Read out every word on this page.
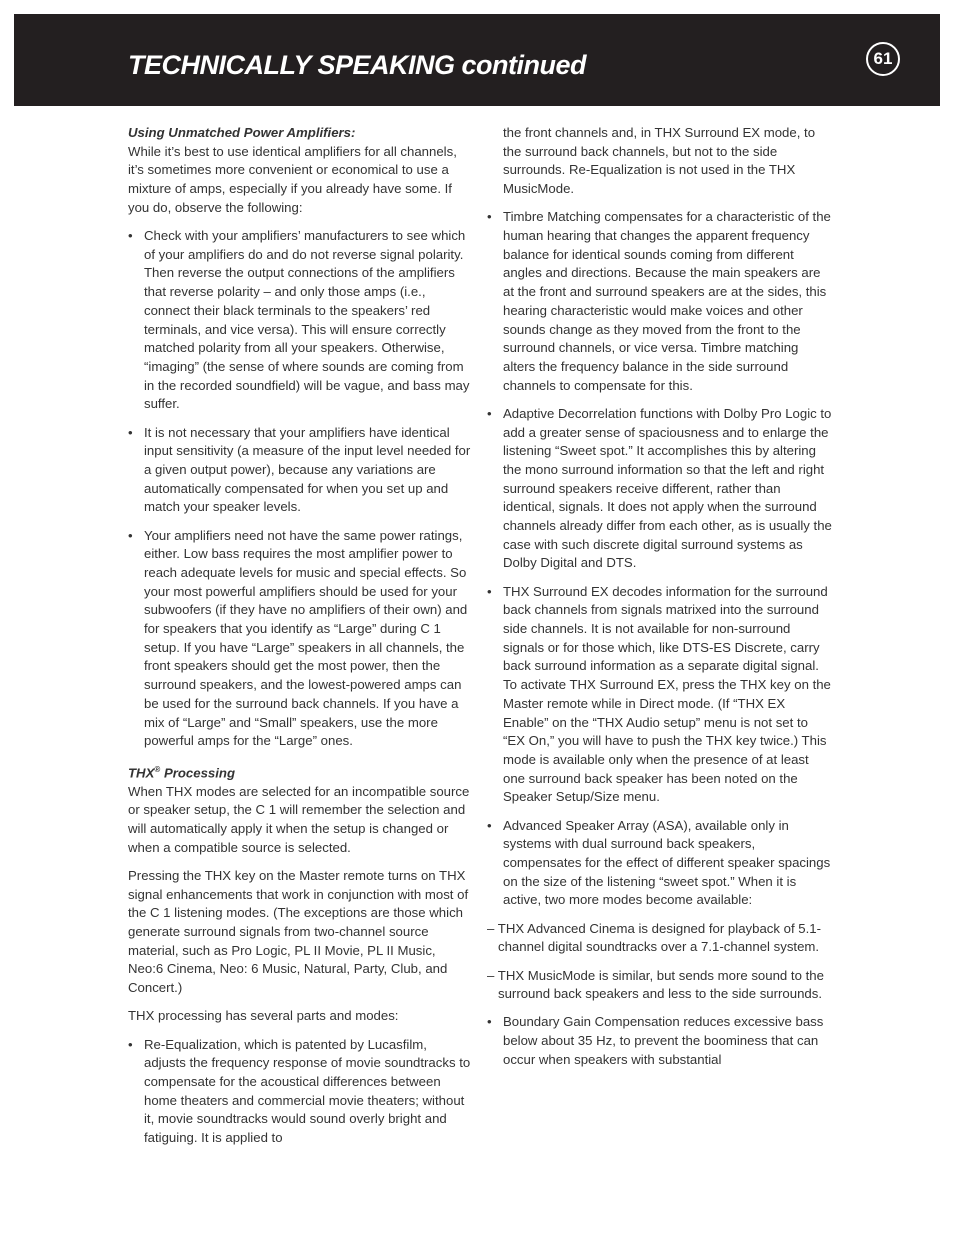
TECHNICALLY SPEAKING continued	61
Using Unmatched Power Amplifiers:

While it’s best to use identical amplifiers for all channels, it’s sometimes more convenient or economical to use a mixture of amps, especially if you already have some. If you do, observe the following:

• Check with your amplifiers’ manufacturers to see which of your amplifiers do and do not reverse signal polarity. Then reverse the output connections of the amplifiers that reverse polarity – and only those amps (i.e., connect their black terminals to the speakers’ red terminals, and vice versa). This will ensure correctly matched polarity from all your speakers. Otherwise, “imaging” (the sense of where sounds are coming from in the recorded soundfield) will be vague, and bass may suffer.
• It is not necessary that your amplifiers have identical input sensitivity (a measure of the input level needed for a given output power), because any variations are automatically compensated for when you set up and match your speaker levels.
• Your amplifiers need not have the same power ratings, either. Low bass requires the most amplifier power to reach adequate levels for music and special effects. So your most powerful amplifiers should be used for your subwoofers (if they have no amplifiers of their own) and for speakers that you identify as “Large” during C 1 setup. If you have “Large” speakers in all channels, the front speakers should get the most power, then the surround speakers, and the lowest-powered amps can be used for the surround back channels. If you have a mix of “Large” and “Small” speakers, use the more powerful amps for the “Large” ones.
THX® Processing

When THX modes are selected for an incompatible source or speaker setup, the C 1 will remember the selection and will automatically apply it when the setup is changed or when a compatible source is selected.

Pressing the THX key on the Master remote turns on THX signal enhancements that work in conjunction with most of the C 1 listening modes. (The exceptions are those which generate surround signals from two-channel source material, such as Pro Logic, PL II Movie, PL II Music, Neo:6 Cinema, Neo: 6 Music, Natural, Party, Club, and Concert.)

THX processing has several parts and modes:

• Re-Equalization, which is patented by Lucasfilm, adjusts the frequency response of movie soundtracks to compensate for the acoustical differences between home theaters and commercial movie theaters; without it, movie soundtracks would sound overly bright and fatiguing. It is applied to

the front channels and, in THX Surround EX mode, to the surround back channels, but not to the side surrounds. Re-Equalization is not used in the THX MusicMode.

• Timbre Matching compensates for a characteristic of the human hearing that changes the apparent frequency balance for identical sounds coming from different angles and directions. Because the main speakers are at the front and surround speakers are at the sides, this hearing characteristic would make voices and other sounds change as they moved from the front to the surround channels, or vice versa. Timbre matching alters the frequency balance in the side surround channels to compensate for this.
• Adaptive Decorrelation functions with Dolby Pro Logic to add a greater sense of spaciousness and to enlarge the listening “Sweet spot.” It accomplishes this by altering the mono surround information so that the left and right surround speakers receive different, rather than identical, signals. It does not apply when the surround channels already differ from each other, as is usually the case with such discrete digital surround systems as Dolby Digital and DTS.
• THX Surround EX decodes information for the surround back channels from signals matrixed into the surround side channels. It is not available for non-surround signals or for those which, like DTS-ES Discrete, carry back surround information as a separate digital signal. To activate THX Surround EX, press the THX key on the Master remote while in Direct mode. (If “THX EX Enable” on the “THX Audio setup” menu is not set to “EX On,” you will have to push the THX key twice.) This mode is available only when the presence of at least one surround back speaker has been noted on the Speaker Setup/Size menu.
• Advanced Speaker Array (ASA), available only in systems with dual surround back speakers, compensates for the effect of different speaker spacings on the size of the listening “sweet spot.” When it is active, two more modes become available:

– THX Advanced Cinema is designed for playback of 5.1-channel digital soundtracks over a 7.1-channel system.

– THX MusicMode is similar, but sends more sound to the surround back speakers and less to the side surrounds.

• Boundary Gain Compensation reduces excessive bass below about 35 Hz, to prevent the boominess that can occur when speakers with substantial
